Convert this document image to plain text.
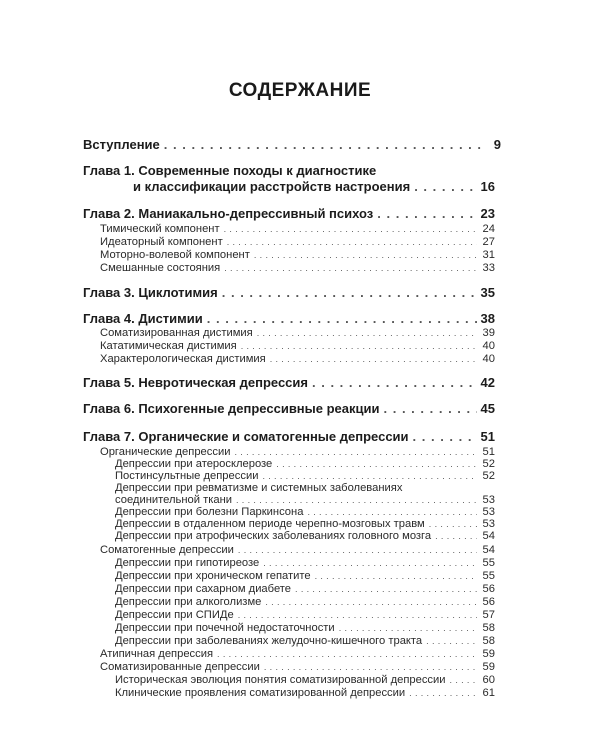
СОДЕРЖАНИЕ
Вступление . . .	9
Глава 1. Современные походы к диагностике
и классификации расстройств настроения . . .	16
Глава 2. Маниакально-депрессивный психоз . . .	23
Тимический компонент . . .	24
Идеаторный компонент . . .	27
Моторно-волевой компонент . . .	31
Смешанные состояния . . .	33
Глава 3. Циклотимия . . .	35
Глава 4. Дистимии . . .	38
Соматизированная дистимия . . .	39
Кататимическая дистимия . . .	40
Характерологическая дистимия . . .	40
Глава 5. Невротическая депрессия . . .	42
Глава 6. Психогенные депрессивные реакции . . .	45
Глава 7. Органические и соматогенные депрессии . . .	51
Органические депрессии . . .	51
Депрессии при атеросклерозе . . .	52
Постинсультные депрессии . . .	52
Депрессии при ревматизме и системных заболеваниях
соединительной ткани . . .	53
Депрессии при болезни Паркинсона . . .	53
Депрессии в отдаленном периоде черепно-мозговых травм . . .	53
Депрессии при атрофических заболеваниях головного мозга . . .	54
Соматогенные депрессии . . .	54
Депрессии при гипотиреозе . . .	55
Депрессии при хроническом гепатите . . .	55
Депрессии при сахарном диабете . . .	56
Депрессии при алкоголизме . . .	56
Депрессии при СПИДе . . .	57
Депрессии при почечной недостаточности . . .	58
Депрессии при заболеваниях желудочно-кишечного тракта . . .	58
Атипичная депрессия . . .	59
Соматизированные депрессии . . .	59
Историческая эволюция понятия соматизированной депрессии . . .	60
Клинические проявления соматизированной депрессии . . .	61
